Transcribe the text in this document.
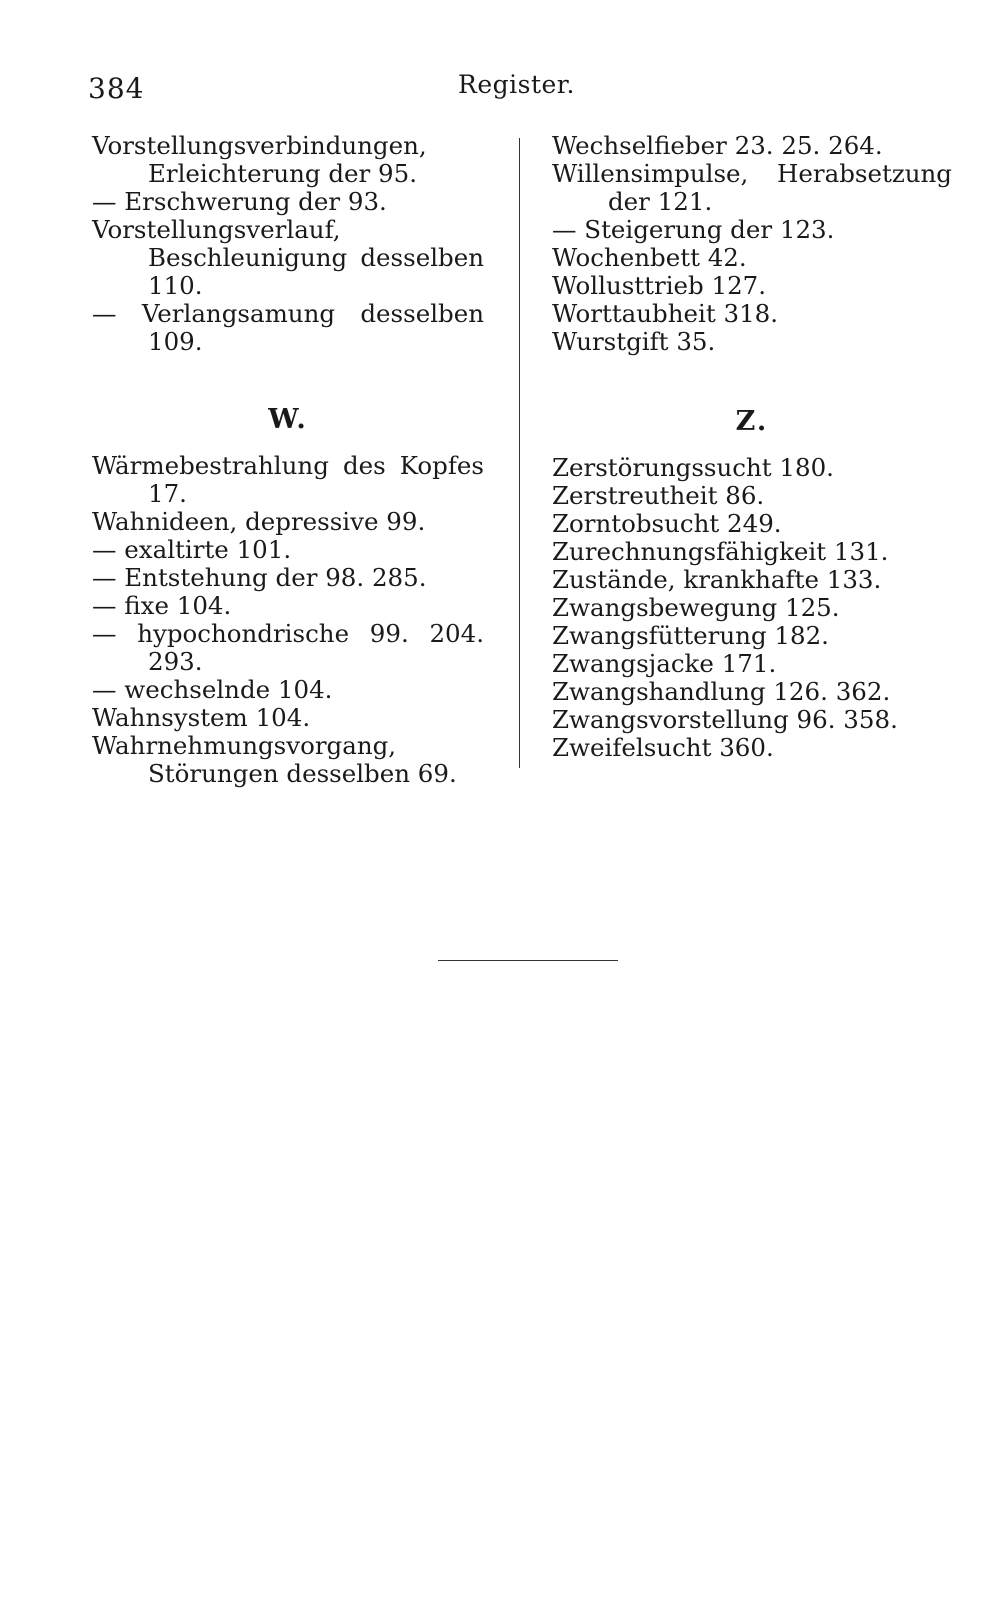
384	Register.
Vorstellungsverbindungen, Erleichterung der 95.
— Erschwerung der 93.
Vorstellungsverlauf, Beschleunigung desselben 110.
— Verlangsamung desselben 109.
W.
Wärmebestrahlung des Kopfes 17.
Wahnideen, depressive 99.
— exaltirte 101.
— Entstehung der 98. 285.
— fixe 104.
— hypochondrische 99. 204. 293.
— wechselnde 104.
Wahnsystem 104.
Wahrnehmungsvorgang, Störungen desselben 69.
Wechselfieber 23. 25. 264.
Willensimpulse, Herabsetzung der 121.
— Steigerung der 123.
Wochenbett 42.
Wollusttrieb 127.
Worttaubheit 318.
Wurstgift 35.
Z.
Zerstörungssucht 180.
Zerstreutheit 86.
Zorntobsucht 249.
Zurechnungsfähigkeit 131.
Zustände, krankhafte 133.
Zwangsbewegung 125.
Zwangsfütterung 182.
Zwangsjacke 171.
Zwangshandlung 126. 362.
Zwangsvorstellung 96. 358.
Zweifelsucht 360.
